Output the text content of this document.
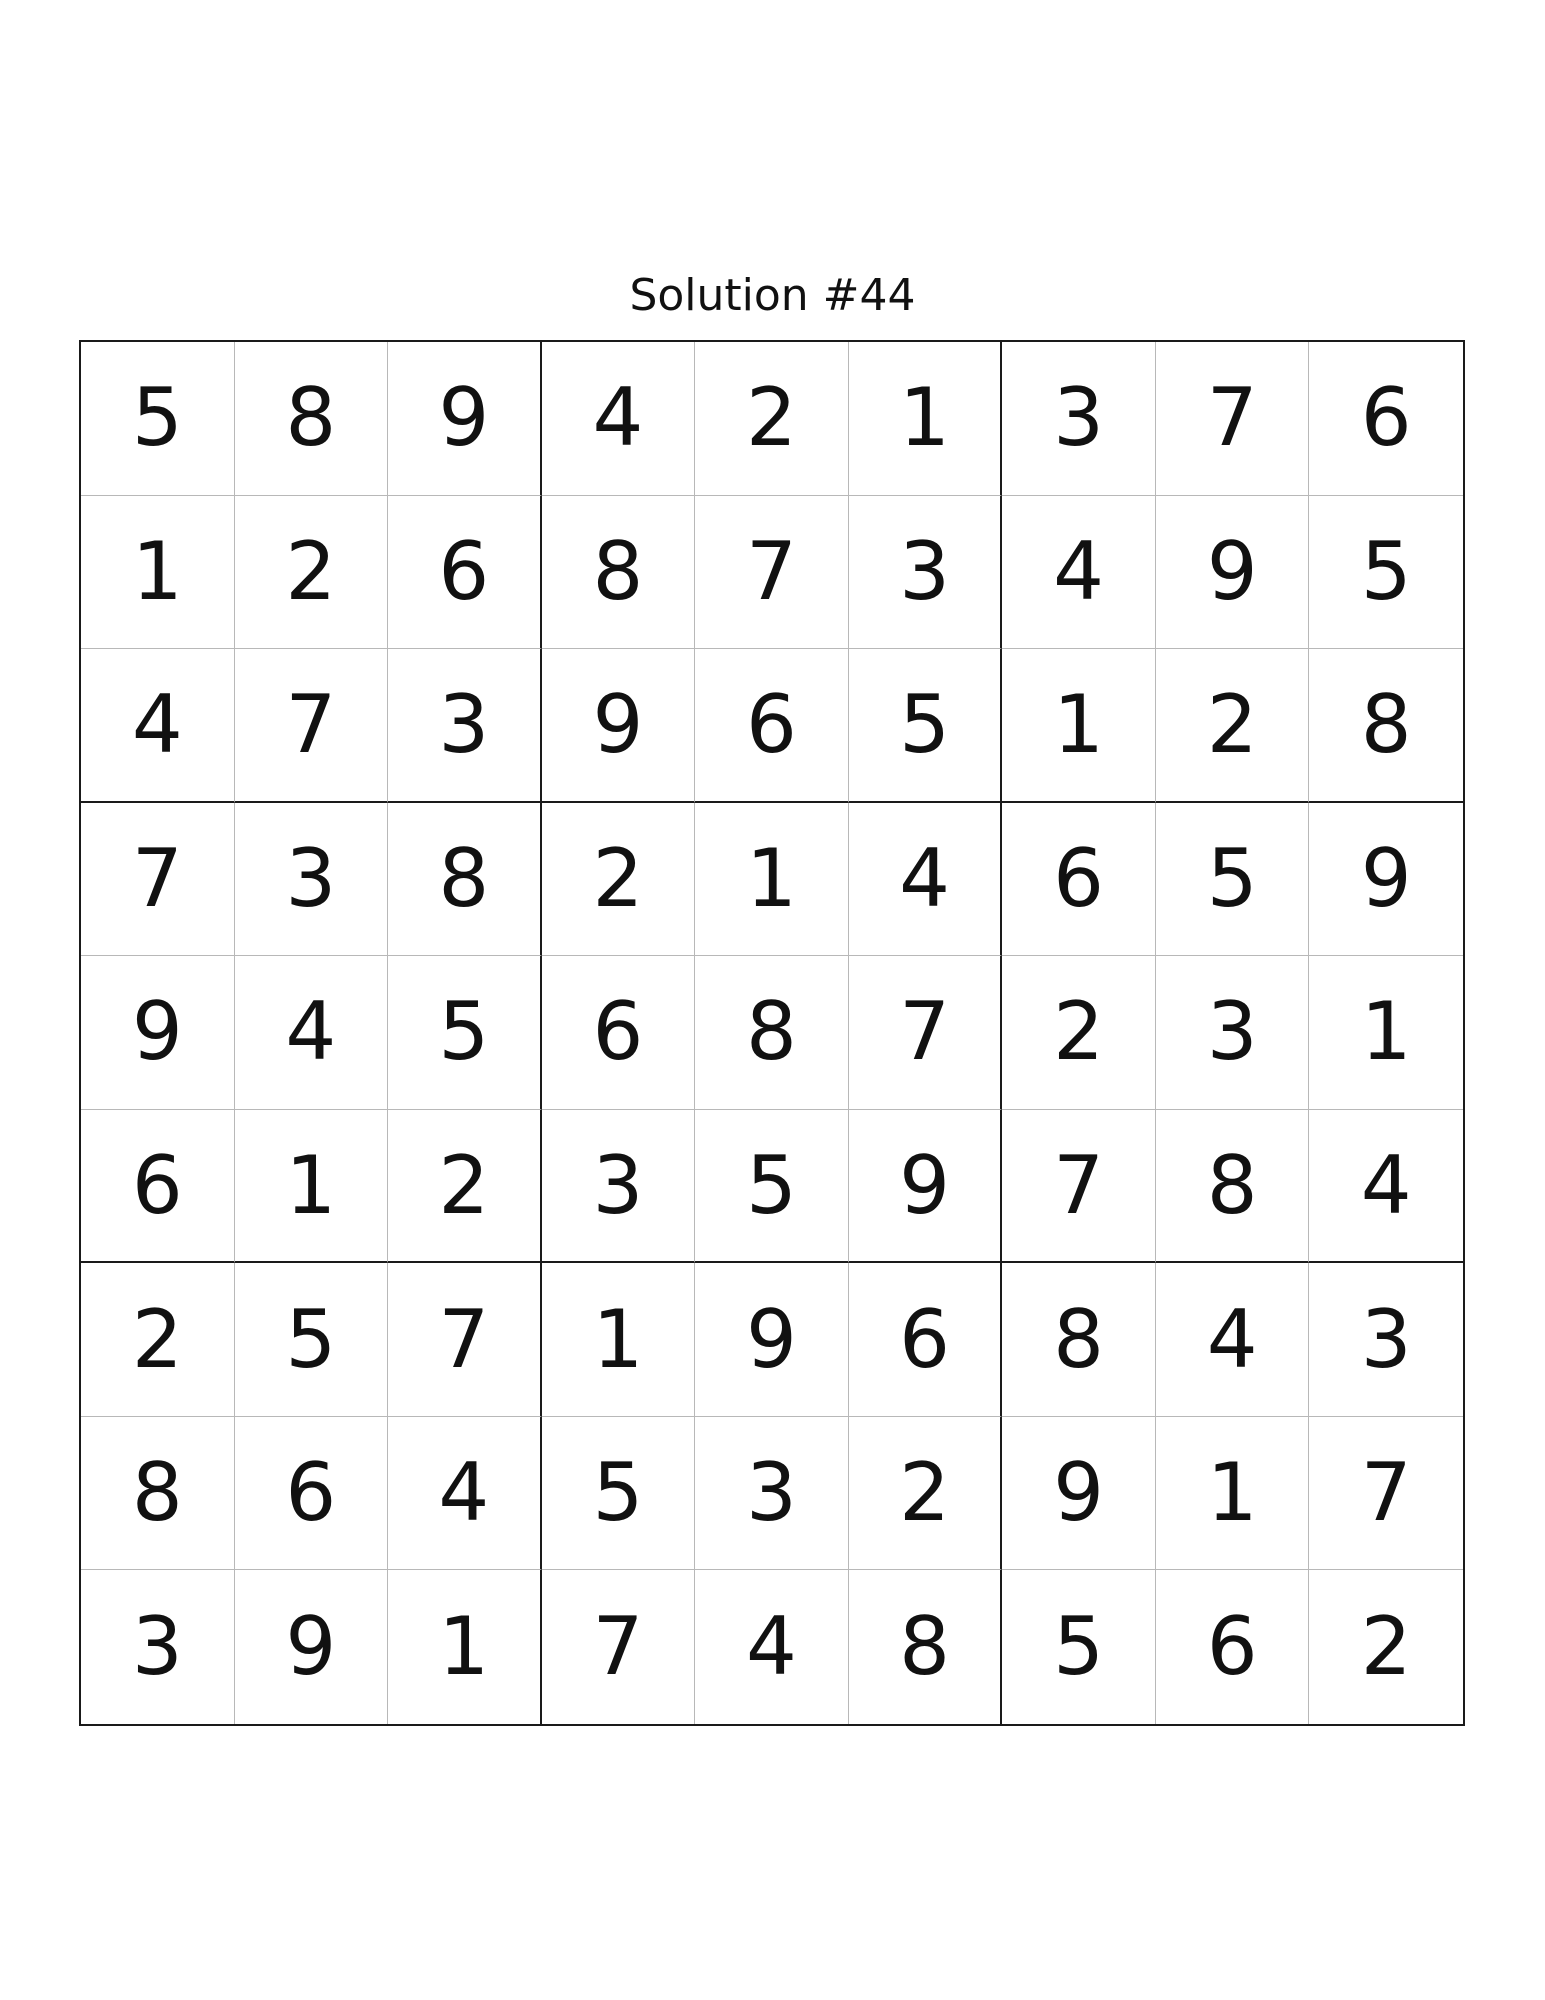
Solution #44
5	8	9	4	2	1	3	7	6
1	2	6	8	7	3	4	9	5
4	7	3	9	6	5	1	2	8
7	3	8	2	1	4	6	5	9
9	4	5	6	8	7	2	3	1
6	1	2	3	5	9	7	8	4
2	5	7	1	9	6	8	4	3
8	6	4	5	3	2	9	1	7
3	9	1	7	4	8	5	6	2
